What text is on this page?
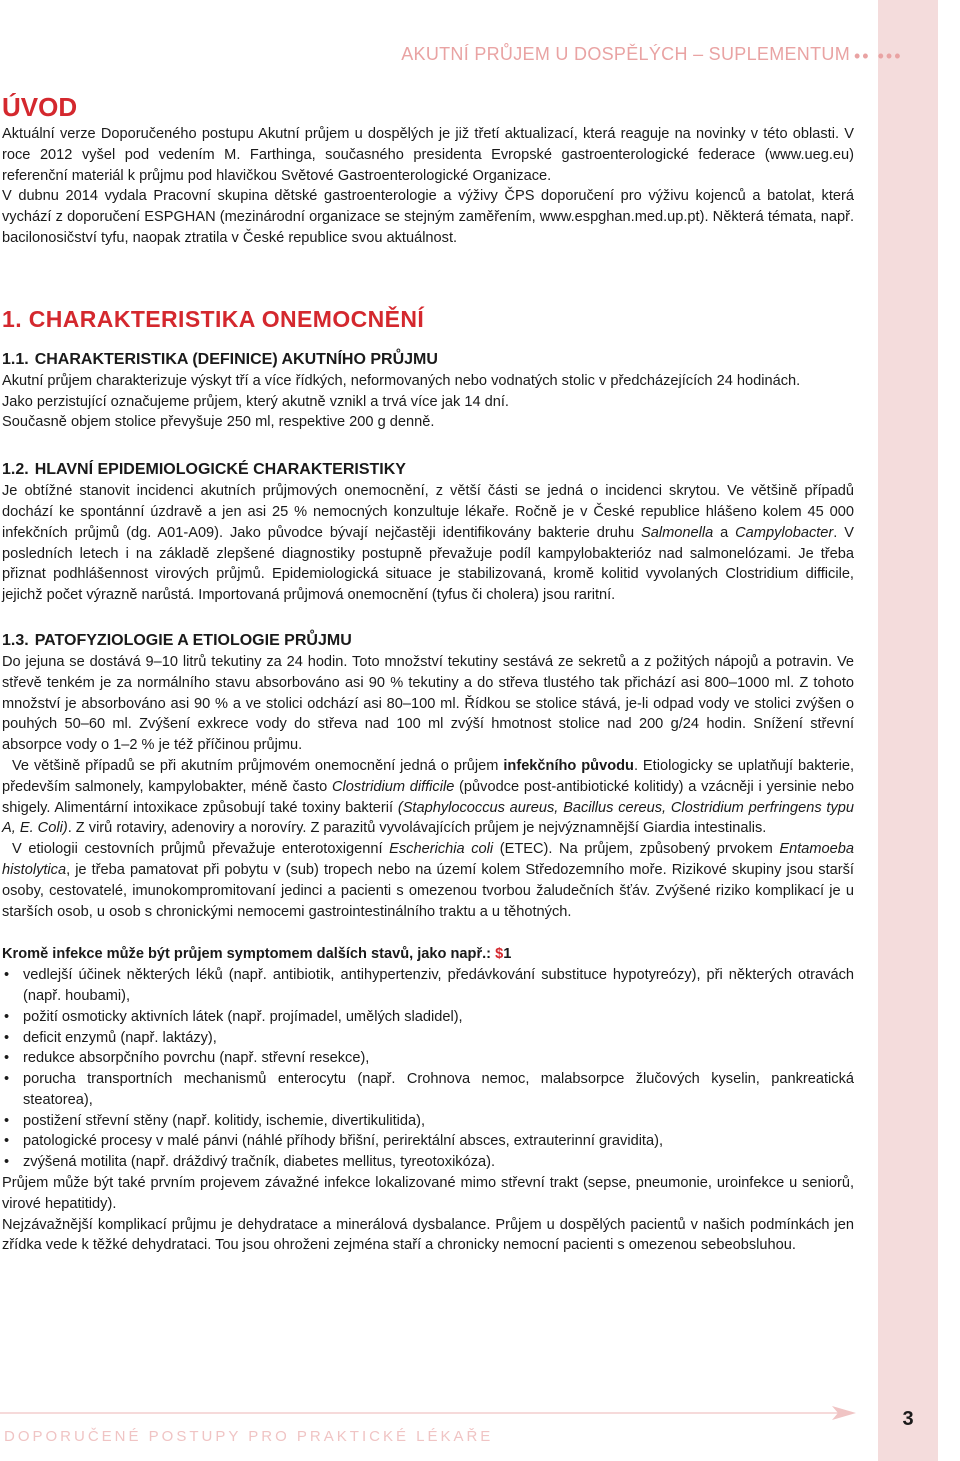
AKUTNÍ PRŮJEM U DOSPĚLÝCH – SUPLEMENTUM •• •••
ÚVOD

Aktuální verze Doporučeného postupu Akutní průjem u dospělých je již třetí aktualizací, která reaguje na novinky v této oblasti. V roce 2012 vyšel pod vedením M. Farthinga, současného presidenta Evropské gastroenterologické federace (www.ueg.eu) referenční materiál k průjmu pod hlavičkou Světové Gastroenterologické Organizace.

V dubnu 2014 vydala Pracovní skupina dětské gastroenterologie a výživy ČPS doporučení pro výživu kojenců a batolat, která vychází z doporučení ESPGHAN (mezinárodní organizace se stejným zaměřením, www.espghan.med.up.pt). Některá témata, např. bacilonosičství tyfu, naopak ztratila v České republice svou aktuálnost.

1. CHARAKTERISTIKA ONEMOCNĚNÍ
1.1. CHARAKTERISTIKA (DEFINICE) AKUTNÍHO PRŮJMU

Akutní průjem charakterizuje výskyt tří a více řídkých, neformovaných nebo vodnatých stolic v předcházejících 24 hodinách.

Jako perzistující označujeme průjem, který akutně vznikl a trvá více jak 14 dní.

Současně objem stolice převyšuje 250 ml, respektive 200 g denně.

1.2. HLAVNÍ EPIDEMIOLOGICKÉ CHARAKTERISTIKY

Je obtížné stanovit incidenci akutních průjmových onemocnění, z větší části se jedná o incidenci skrytou. Ve většině případů dochází ke spontánní úzdravě a jen asi 25 % nemocných konzultuje lékaře. Ročně je v České republice hlášeno kolem 45 000 infekčních průjmů (dg. A01-A09). Jako původce bývají nejčastěji identifikovány bakterie druhu Salmonella a Campylobacter. V posledních letech i na základě zlepšené diagnostiky postupně převažuje podíl kampylobakterióz nad salmonelózami. Je třeba přiznat podhlášennost virových průjmů. Epidemiologická situace je stabilizovaná, kromě kolitid vyvolaných Clostridium difficile, jejichž počet výrazně narůstá. Importovaná průjmová onemocnění (tyfus či cholera) jsou raritní.

1.3. PATOFYZIOLOGIE A ETIOLOGIE PRŮJMU

Do jejuna se dostává 9–10 litrů tekutiny za 24 hodin. Toto množství tekutiny sestává ze sekretů a z požitých nápojů a potravin. Ve střevě tenkém je za normálního stavu absorbováno asi 90 % tekutiny a do střeva tlustého tak přichází asi 800–1000 ml. Z tohoto množství je absorbováno asi 90 % a ve stolici odchází asi 80–100 ml. Řídkou se stolice stává, je-li odpad vody ve stolici zvýšen o pouhých 50–60 ml. Zvýšení exkrece vody do střeva nad 100 ml zvýší hmotnost stolice nad 200 g/24 hodin. Snížení střevní absorpce vody o 1–2 % je též příčinou průjmu.

Ve většině případů se při akutním průjmovém onemocnění jedná o průjem infekčního původu. Etiologicky se uplatňují bakterie, především salmonely, kampylobakter, méně často Clostridium difficile (původce post-antibiotické kolitidy) a vzácněji i yersinie nebo shigely. Alimentární intoxikace způsobují také toxiny bakterií (Staphylococcus aureus, Bacillus cereus, Clostridium perfringens typu A, E. Coli). Z virů rotaviry, adenoviry a norovíry. Z parazitů vyvolávajících průjem je nejvýznamnější Giardia intestinalis.

V etiologii cestovních průjmů převažuje enterotoxigenní Escherichia coli (ETEC). Na průjem, způsobený prvokem Entamoeba histolytica, je třeba pamatovat při pobytu v (sub) tropech nebo na území kolem Středozemního moře. Rizikové skupiny jsou starší osoby, cestovatelé, imunokompromitovaní jedinci a pacienti s omezenou tvorbou žaludečních šťáv. Zvýšené riziko komplikací je u starších osob, u osob s chronickými nemocemi gastrointestinálního traktu a u těhotných.

Kromě infekce může být průjem symptomem dalších stavů, jako např.: $1

• vedlejší účinek některých léků (např. antibiotik, antihypertenziv, předávkování substituce hypotyreózy), při některých otravách (např. houbami),
• požití osmoticky aktivních látek (např. projímadel, umělých sladidel),
• deficit enzymů (např. laktázy),
• redukce absorpčního povrchu (např. střevní resekce),
• porucha transportních mechanismů enterocytu (např. Crohnova nemoc, malabsorpce žlučových kyselin, pankreatická steatorea),
• postižení střevní stěny (např. kolitidy, ischemie, divertikulitida),
• patologické procesy v malé pánvi (náhlé příhody břišní, perirektální absces, extrauterinní gravidita),
• zvýšená motilita (např. dráždivý tračník, diabetes mellitus, tyreotoxikóza).

Průjem může být také prvním projevem závažné infekce lokalizované mimo střevní trakt (sepse, pneumonie, uroinfekce u seniorů, virové hepatitidy).

Nejzávažnější komplikací průjmu je dehydratace a minerálová dysbalance. Průjem u dospělých pacientů v našich podmínkách jen zřídka vede k těžké dehydrataci. Tou jsou ohroženi zejména staří a chronicky nemocní pacienti s omezenou sebeobsluhou.

DOPORUČENÉ POSTUPY PRO PRAKTICKÉ LÉKAŘE
3
